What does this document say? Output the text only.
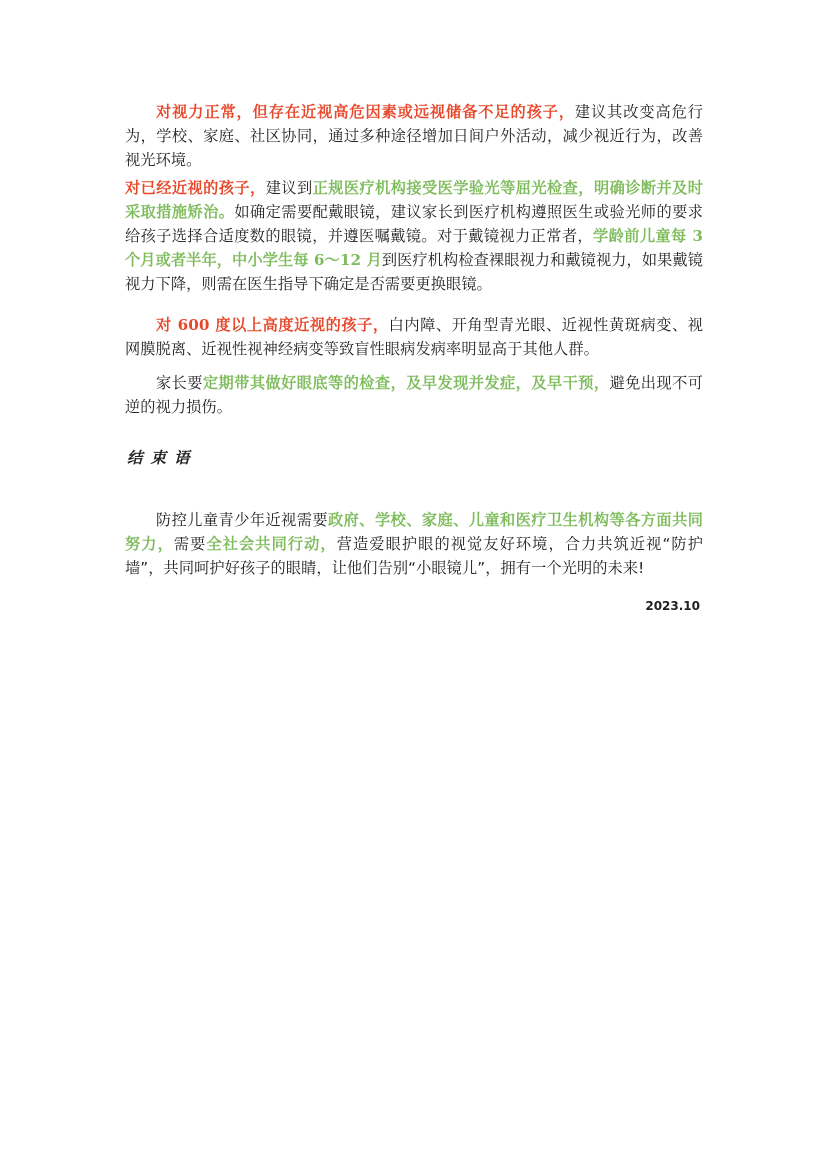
对视力正常，但存在近视高危因素或远视储备不足的孩子，建议其改变高危行为，学校、家庭、社区协同，通过多种途径增加日间户外活动，减少视近行为，改善视光环境。

对已经近视的孩子，建议到正规医疗机构接受医学验光等屈光检查，明确诊断并及时采取措施矫治。如确定需要配戴眼镜，建议家长到医疗机构遵照医生或验光师的要求给孩子选择合适度数的眼镜，并遵医嘱戴镜。对于戴镜视力正常者，学龄前儿童每 3 个月或者半年，中小学生每 6～12 月到医疗机构检查裸眼视力和戴镜视力，如果戴镜视力下降，则需在医生指导下确定是否需要更换眼镜。

对 600 度以上高度近视的孩子，白内障、开角型青光眼、近视性黄斑病变、视网膜脱离、近视性视神经病变等致盲性眼病发病率明显高于其他人群。

家长要定期带其做好眼底等的检查，及早发现并发症，及早干预，避免出现不可逆的视力损伤。

结束语

防控儿童青少年近视需要政府、学校、家庭、儿童和医疗卫生机构等各方面共同努力，需要全社会共同行动，营造爱眼护眼的视觉友好环境，合力共筑近视“防护墙”，共同呵护好孩子的眼睛，让他们告别“小眼镜儿”，拥有一个光明的未来!

2023.10
